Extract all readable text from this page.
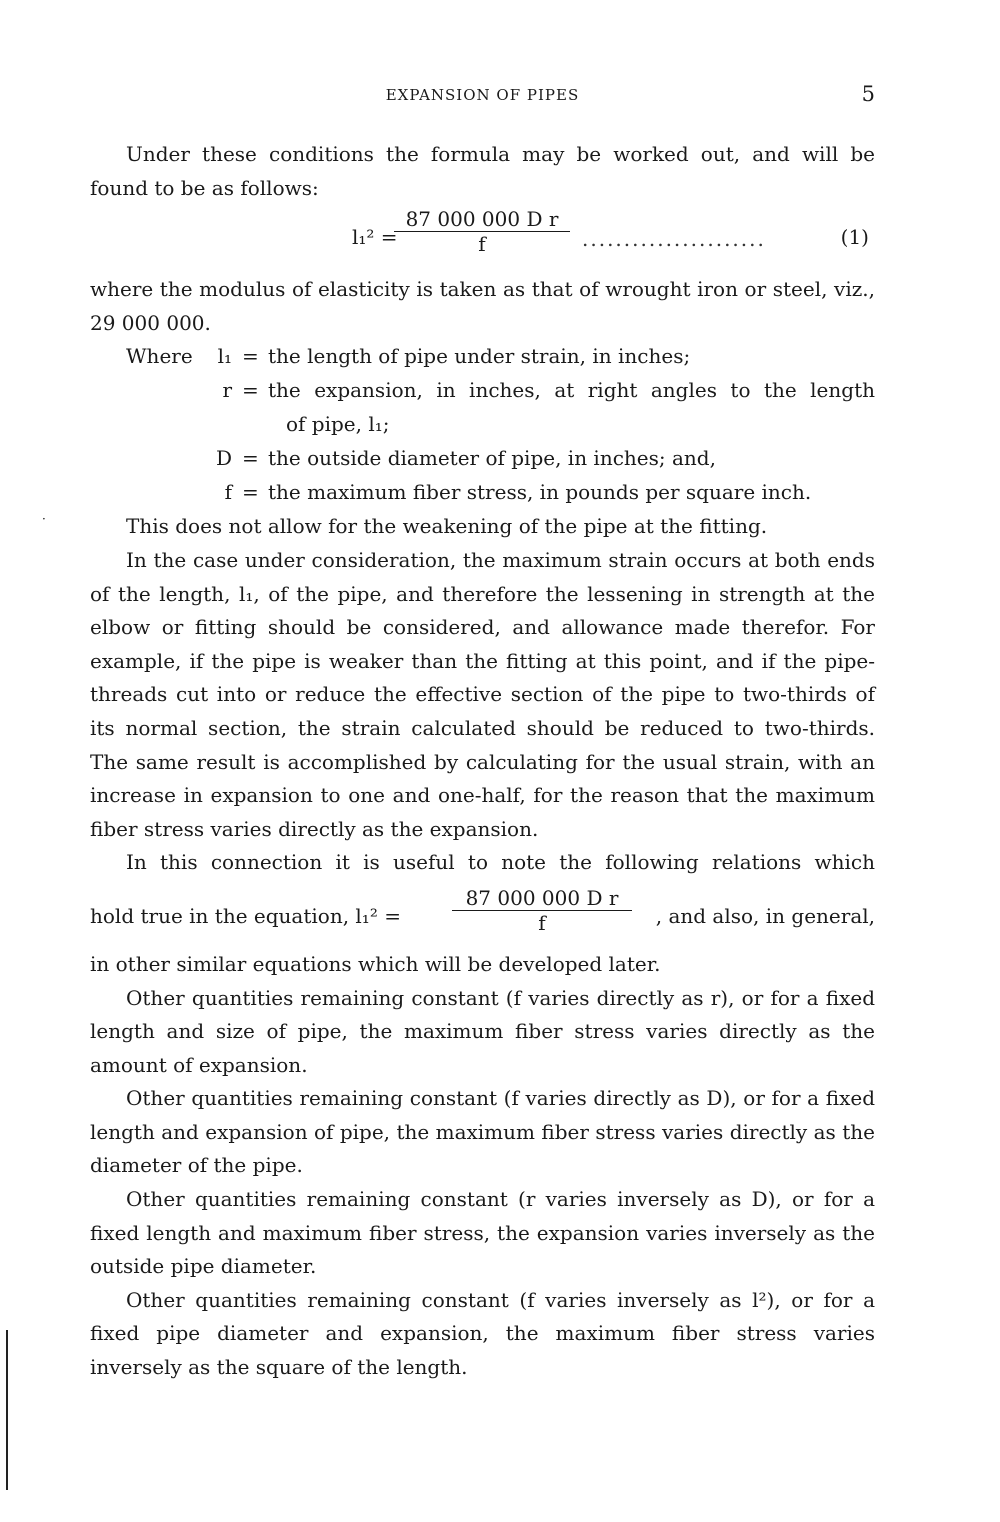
EXPANSION OF PIPES	5

Under these conditions the formula may be worked out, and will be found to be as follows:

l₁² =
87 000 000 D r
f	......................	(1)

where the modulus of elasticity is taken as that of wrought iron or steel, viz., 29 000 000.

Where	l₁ = the length of pipe under strain, in inches;
r = the expansion, in inches, at right angles to the length
of pipe, l₁;
D = the outside diameter of pipe, in inches; and,
f = the maximum fiber stress, in pounds per square inch.

This does not allow for the weakening of the pipe at the fitting.

In the case under consideration, the maximum strain occurs at both ends of the length, l₁, of the pipe, and therefore the lessening in strength at the elbow or fitting should be considered, and allowance made therefor. For example, if the pipe is weaker than the fitting at this point, and if the pipe-threads cut into or reduce the effective section of the pipe to two-thirds of its normal section, the strain calculated should be reduced to two-thirds. The same result is accomplished by calculating for the usual strain, with an increase in expansion to one and one-half, for the reason that the maximum fiber stress varies directly as the expansion.

In this connection it is useful to note the following relations which

hold true in the equation, l₁² =
87 000 000 D r
f	, and also, in general,

in other similar equations which will be developed later.

Other quantities remaining constant (f varies directly as r), or for a fixed length and size of pipe, the maximum fiber stress varies directly as the amount of expansion.

Other quantities remaining constant (f varies directly as D), or for a fixed length and expansion of pipe, the maximum fiber stress varies directly as the diameter of the pipe.

Other quantities remaining constant (r varies inversely as D), or for a fixed length and maximum fiber stress, the expansion varies inversely as the outside pipe diameter.

Other quantities remaining constant (f varies inversely as l²), or for a fixed pipe diameter and expansion, the maximum fiber stress varies inversely as the square of the length.

·
